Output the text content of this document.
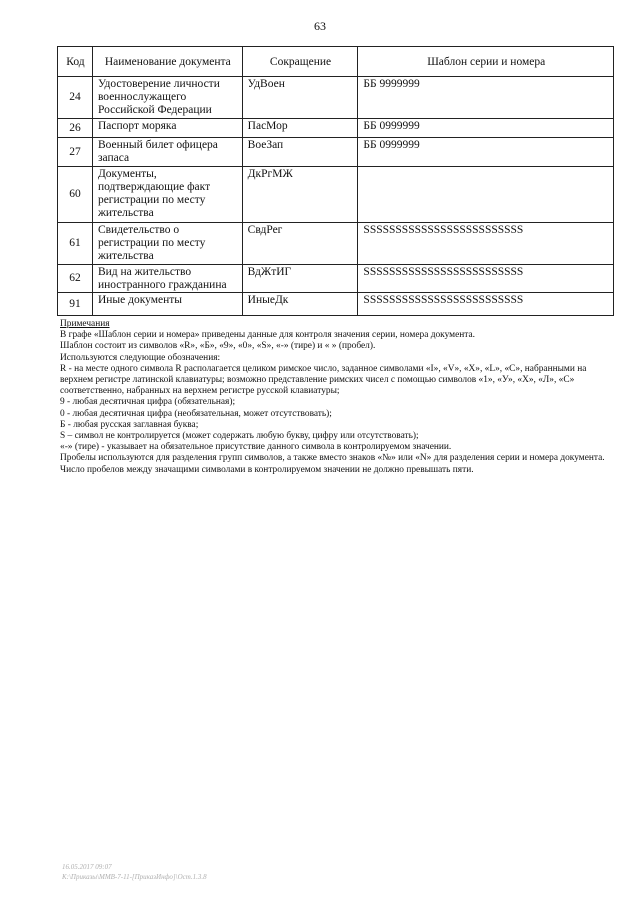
63
Код	Наименование документа	Сокращение	Шаблон серии и номера
24	Удостоверение личности военнослужащего Российской Федерации	УдВоен	ББ 9999999
26	Паспорт моряка	ПасМор	ББ 0999999
27	Военный билет офицера запаса	ВоеЗап	ББ 0999999
60	Документы, подтверждающие факт регистрации по месту жительства	ДкРгМЖ	
61	Свидетельство о регистрации по месту жительства	СвдРег	SSSSSSSSSSSSSSSSSSSSSSSSS
62	Вид на жительство иностранного гражданина	ВдЖтИГ	SSSSSSSSSSSSSSSSSSSSSSSSS
91	Иные документы	ИныеДк	SSSSSSSSSSSSSSSSSSSSSSSSS

Примечания

В графе «Шаблон серии и номера» приведены данные для контроля значения серии, номера документа.

Шаблон состоит из символов «R», «Б», «9», «0», «S», «-» (тире) и « » (пробел).

Используются следующие обозначения:

R - на месте одного символа R располагается целиком римское число, заданное символами «I», «V», «X», «L», «С», набранными на верхнем регистре латинской клавиатуры; возможно представление римских чисел с помощью символов «1», «У», «Х», «Л», «С» соответственно, набранных на верхнем регистре русской клавиатуры;

9 - любая десятичная цифра (обязательная);

0 - любая десятичная цифра (необязательная, может отсутствовать);

Б - любая русская заглавная буква;

S – символ не контролируется (может содержать любую букву, цифру или отсутствовать);

«-» (тире) - указывает на обязательное присутствие данного символа в контролируемом значении.

Пробелы используются для разделения групп символов, а также вместо знаков «№» или «N» для разделения серии и номера документа.

Число пробелов между значащими символами в контролируемом значении не должно превышать пяти.

16.05.2017 09:07

К:\Приказы\ММВ-7-11-[ПриказИнфо]\Ост.1.3.8
